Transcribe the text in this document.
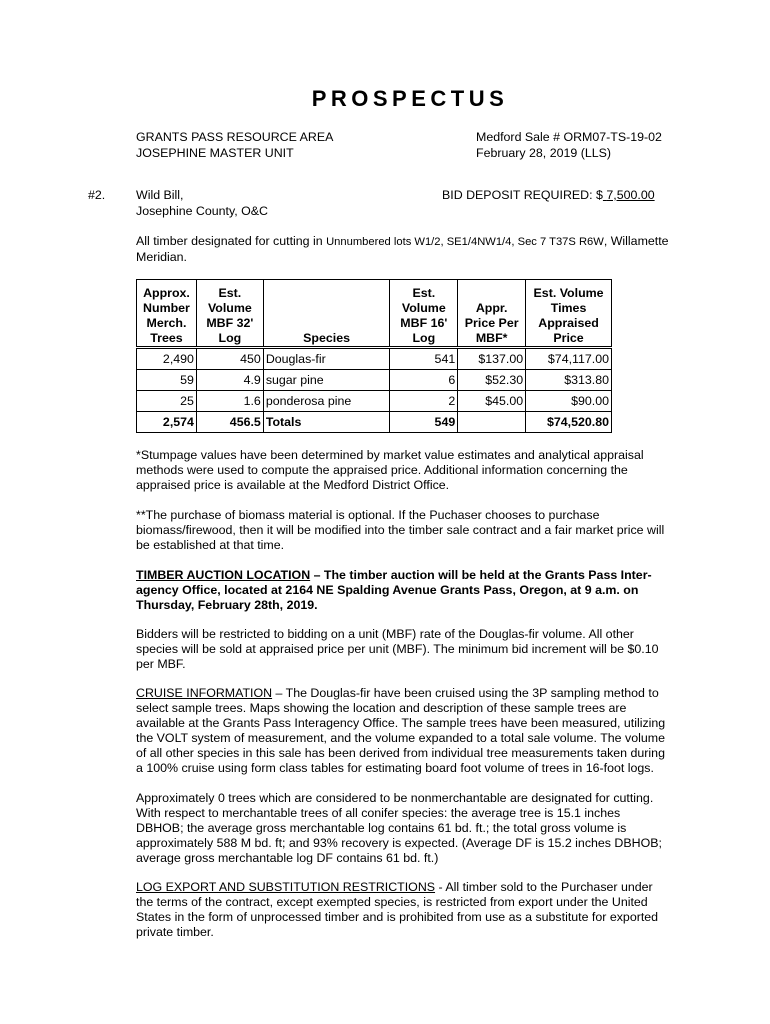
PROSPECTUS
GRANTS PASS RESOURCE AREA
JOSEPHINE MASTER UNIT
Medford Sale # ORM07-TS-19-02
February 28, 2019 (LLS)
#2. Wild Bill,
Josephine County, O&C
BID DEPOSIT REQUIRED: $ 7,500.00
All timber designated for cutting in Unnumbered lots W1/2, SE1/4NW1/4, Sec 7 T37S R6W, Willamette
Meridian.
Approx.
Number
Merch.
Trees	Est.
Volume
MBF 32'
Log	Species	Est.
Volume
MBF 16'
Log	Appr.
Price Per
MBF*	Est. Volume
Times
Appraised
Price
2,490	450	Douglas-fir	541	$137.00	$74,117.00
59	4.9	sugar pine	6	$52.30	$313.80
25	1.6	ponderosa pine	2	$45.00	$90.00
2,574	456.5	Totals	549		$74,520.80
*Stumpage values have been determined by market value estimates and analytical appraisal
methods were used to compute the appraised price. Additional information concerning the
appraised price is available at the Medford District Office.
**The purchase of biomass material is optional. If the Puchaser chooses to purchase
biomass/firewood, then it will be modified into the timber sale contract and a fair market price will
be established at that time.
TIMBER AUCTION LOCATION – The timber auction will be held at the Grants Pass Inter-
agency Office, located at 2164 NE Spalding Avenue Grants Pass, Oregon, at 9 a.m. on
Thursday, February 28th, 2019.
Bidders will be restricted to bidding on a unit (MBF) rate of the Douglas-fir volume. All other
species will be sold at appraised price per unit (MBF). The minimum bid increment will be $0.10
per MBF.
CRUISE INFORMATION – The Douglas-fir have been cruised using the 3P sampling method to
select sample trees. Maps showing the location and description of these sample trees are
available at the Grants Pass Interagency Office. The sample trees have been measured, utilizing
the VOLT system of measurement, and the volume expanded to a total sale volume. The volume
of all other species in this sale has been derived from individual tree measurements taken during
a 100% cruise using form class tables for estimating board foot volume of trees in 16-foot logs.
Approximately 0 trees which are considered to be nonmerchantable are designated for cutting.
With respect to merchantable trees of all conifer species: the average tree is 15.1 inches
DBHOB; the average gross merchantable log contains 61 bd. ft.; the total gross volume is
approximately 588 M bd. ft; and 93% recovery is expected. (Average DF is 15.2 inches DBHOB;
average gross merchantable log DF contains 61 bd. ft.)
LOG EXPORT AND SUBSTITUTION RESTRICTIONS - All timber sold to the Purchaser under
the terms of the contract, except exempted species, is restricted from export under the United
States in the form of unprocessed timber and is prohibited from use as a substitute for exported
private timber.
